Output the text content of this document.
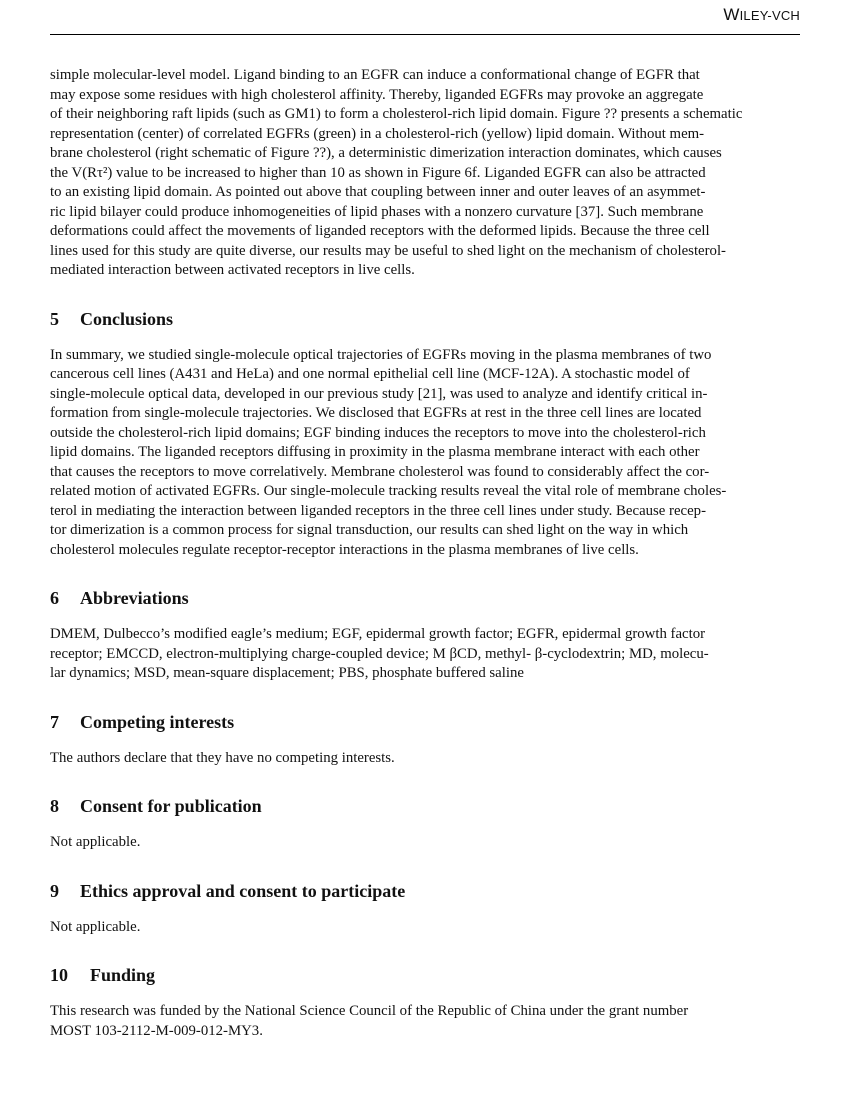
WILEY-VCH

simple molecular-level model. Ligand binding to an EGFR can induce a conformational change of EGFR that
may expose some residues with high cholesterol affinity. Thereby, liganded EGFRs may provoke an aggregate
of their neighboring raft lipids (such as GM1) to form a cholesterol-rich lipid domain. Figure ?? presents a schematic
representation (center) of correlated EGFRs (green) in a cholesterol-rich (yellow) lipid domain. Without mem-
brane cholesterol (right schematic of Figure ??), a deterministic dimerization interaction dominates, which causes
the V(Rτ²) value to be increased to higher than 10 as shown in Figure 6f. Liganded EGFR can also be attracted
to an existing lipid domain. As pointed out above that coupling between inner and outer leaves of an asymmet-
ric lipid bilayer could produce inhomogeneities of lipid phases with a nonzero curvature [37]. Such membrane
deformations could affect the movements of liganded receptors with the deformed lipids. Because the three cell
lines used for this study are quite diverse, our results may be useful to shed light on the mechanism of cholesterol-
mediated interaction between activated receptors in live cells.

5 Conclusions

In summary, we studied single-molecule optical trajectories of EGFRs moving in the plasma membranes of two
cancerous cell lines (A431 and HeLa) and one normal epithelial cell line (MCF-12A). A stochastic model of
single-molecule optical data, developed in our previous study [21], was used to analyze and identify critical in-
formation from single-molecule trajectories. We disclosed that EGFRs at rest in the three cell lines are located
outside the cholesterol-rich lipid domains; EGF binding induces the receptors to move into the cholesterol-rich
lipid domains. The liganded receptors diffusing in proximity in the plasma membrane interact with each other
that causes the receptors to move correlatively. Membrane cholesterol was found to considerably affect the cor-
related motion of activated EGFRs. Our single-molecule tracking results reveal the vital role of membrane choles-
terol in mediating the interaction between liganded receptors in the three cell lines under study. Because recep-
tor dimerization is a common process for signal transduction, our results can shed light on the way in which
cholesterol molecules regulate receptor-receptor interactions in the plasma membranes of live cells.

6 Abbreviations

DMEM, Dulbecco’s modified eagle’s medium; EGF, epidermal growth factor; EGFR, epidermal growth factor
receptor; EMCCD, electron-multiplying charge-coupled device; M βCD, methyl- β-cyclodextrin; MD, molecu-
lar dynamics; MSD, mean-square displacement; PBS, phosphate buffered saline

7 Competing interests

The authors declare that they have no competing interests.

8 Consent for publication

Not applicable.

9 Ethics approval and consent to participate

Not applicable.

10 Funding

This research was funded by the National Science Council of the Republic of China under the grant number
MOST 103-2112-M-009-012-MY3.
